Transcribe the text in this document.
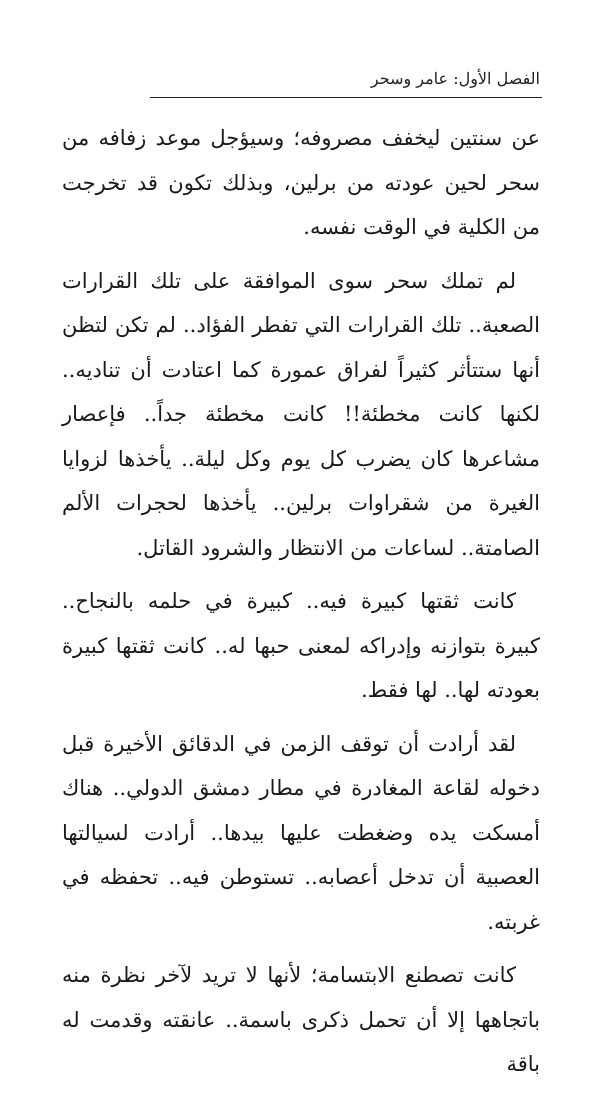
الفصل الأول: عامر وسحر

عن سنتين ليخفف مصروفه؛ وسيؤجل موعد زفافه من سحر لحين عودته من برلين، وبذلك تكون قد تخرجت من الكلية في الوقت نفسه.

لم تملك سحر سوى الموافقة على تلك القرارات الصعبة.. تلك القرارات التي تفطر الفؤاد.. لم تكن لتظن أنها ستتأثر كثيراً لفراق عمورة كما اعتادت أن تناديه.. لكنها كانت مخطئة!! كانت مخطئة جداً.. فإعصار مشاعرها كان يضرب كل يوم وكل ليلة.. يأخذها لزوايا الغيرة من شقراوات برلين.. يأخذها لحجرات الألم الصامتة.. لساعات من الانتظار والشرود القاتل.

كانت ثقتها كبيرة فيه.. كبيرة في حلمه بالنجاح.. كبيرة بتوازنه وإدراكه لمعنى حبها له.. كانت ثقتها كبيرة بعودته لها.. لها فقط.

لقد أرادت أن توقف الزمن في الدقائق الأخيرة قبل دخوله لقاعة المغادرة في مطار دمشق الدولي.. هناك أمسكت يده وضغطت عليها بيدها.. أرادت لسيالتها العصبية أن تدخل أعصابه.. تستوطن فيه.. تحفظه في غربته.

كانت تصطنع الابتسامة؛ لأنها لا تريد لآخر نظرة منه باتجاهها إلا أن تحمل ذكرى باسمة.. عانقته وقدمت له باقة
